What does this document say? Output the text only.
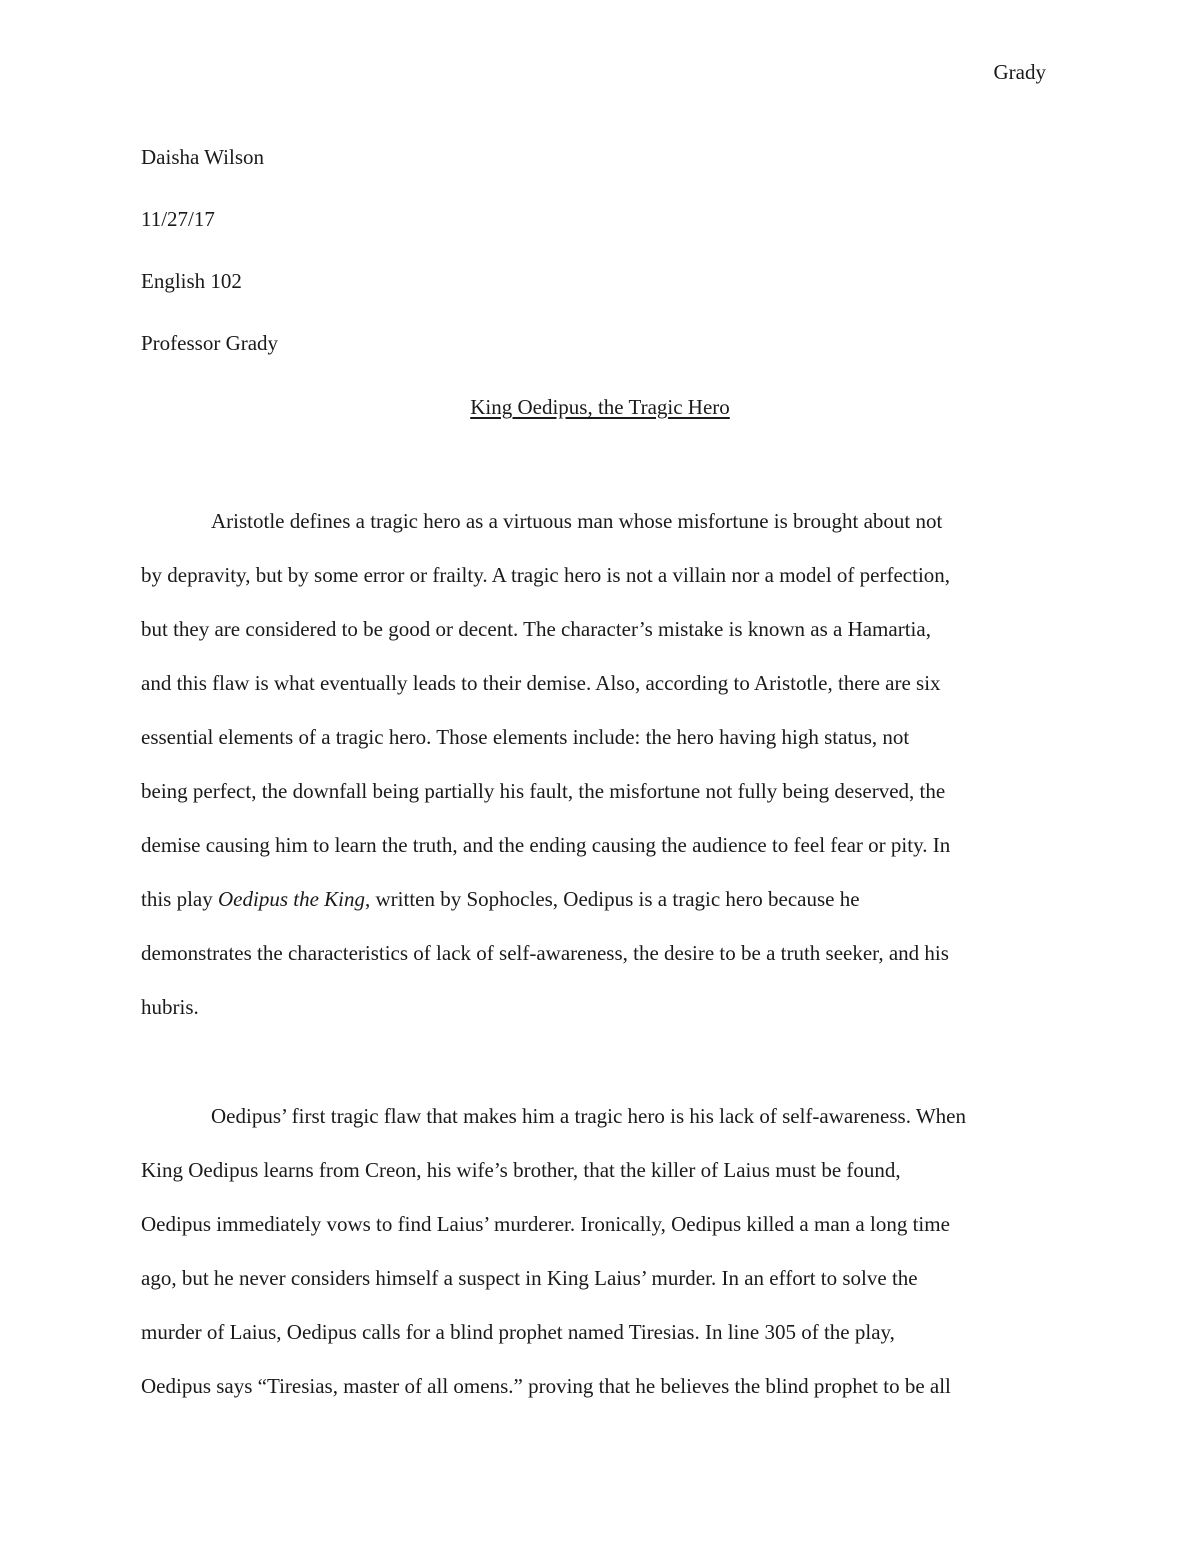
Grady
Daisha Wilson
11/27/17
English 102
Professor Grady
King Oedipus, the Tragic Hero
Aristotle defines a tragic hero as a virtuous man whose misfortune is brought about not
by depravity, but by some error or frailty. A tragic hero is not a villain nor a model of perfection,
but they are considered to be good or decent. The character’s mistake is known as a Hamartia,
and this flaw is what eventually leads to their demise. Also, according to Aristotle, there are six
essential elements of a tragic hero. Those elements include: the hero having high status, not
being perfect, the downfall being partially his fault, the misfortune not fully being deserved, the
demise causing him to learn the truth, and the ending causing the audience to feel fear or pity. In
this play Oedipus the King, written by Sophocles, Oedipus is a tragic hero because he
demonstrates the characteristics of lack of self-awareness, the desire to be a truth seeker, and his
hubris.
Oedipus’ first tragic flaw that makes him a tragic hero is his lack of self-awareness. When
King Oedipus learns from Creon, his wife’s brother, that the killer of Laius must be found,
Oedipus immediately vows to find Laius’ murderer. Ironically, Oedipus killed a man a long time
ago, but he never considers himself a suspect in King Laius’ murder. In an effort to solve the
murder of Laius, Oedipus calls for a blind prophet named Tiresias. In line 305 of the play,
Oedipus says “Tiresias, master of all omens.” proving that he believes the blind prophet to be all
